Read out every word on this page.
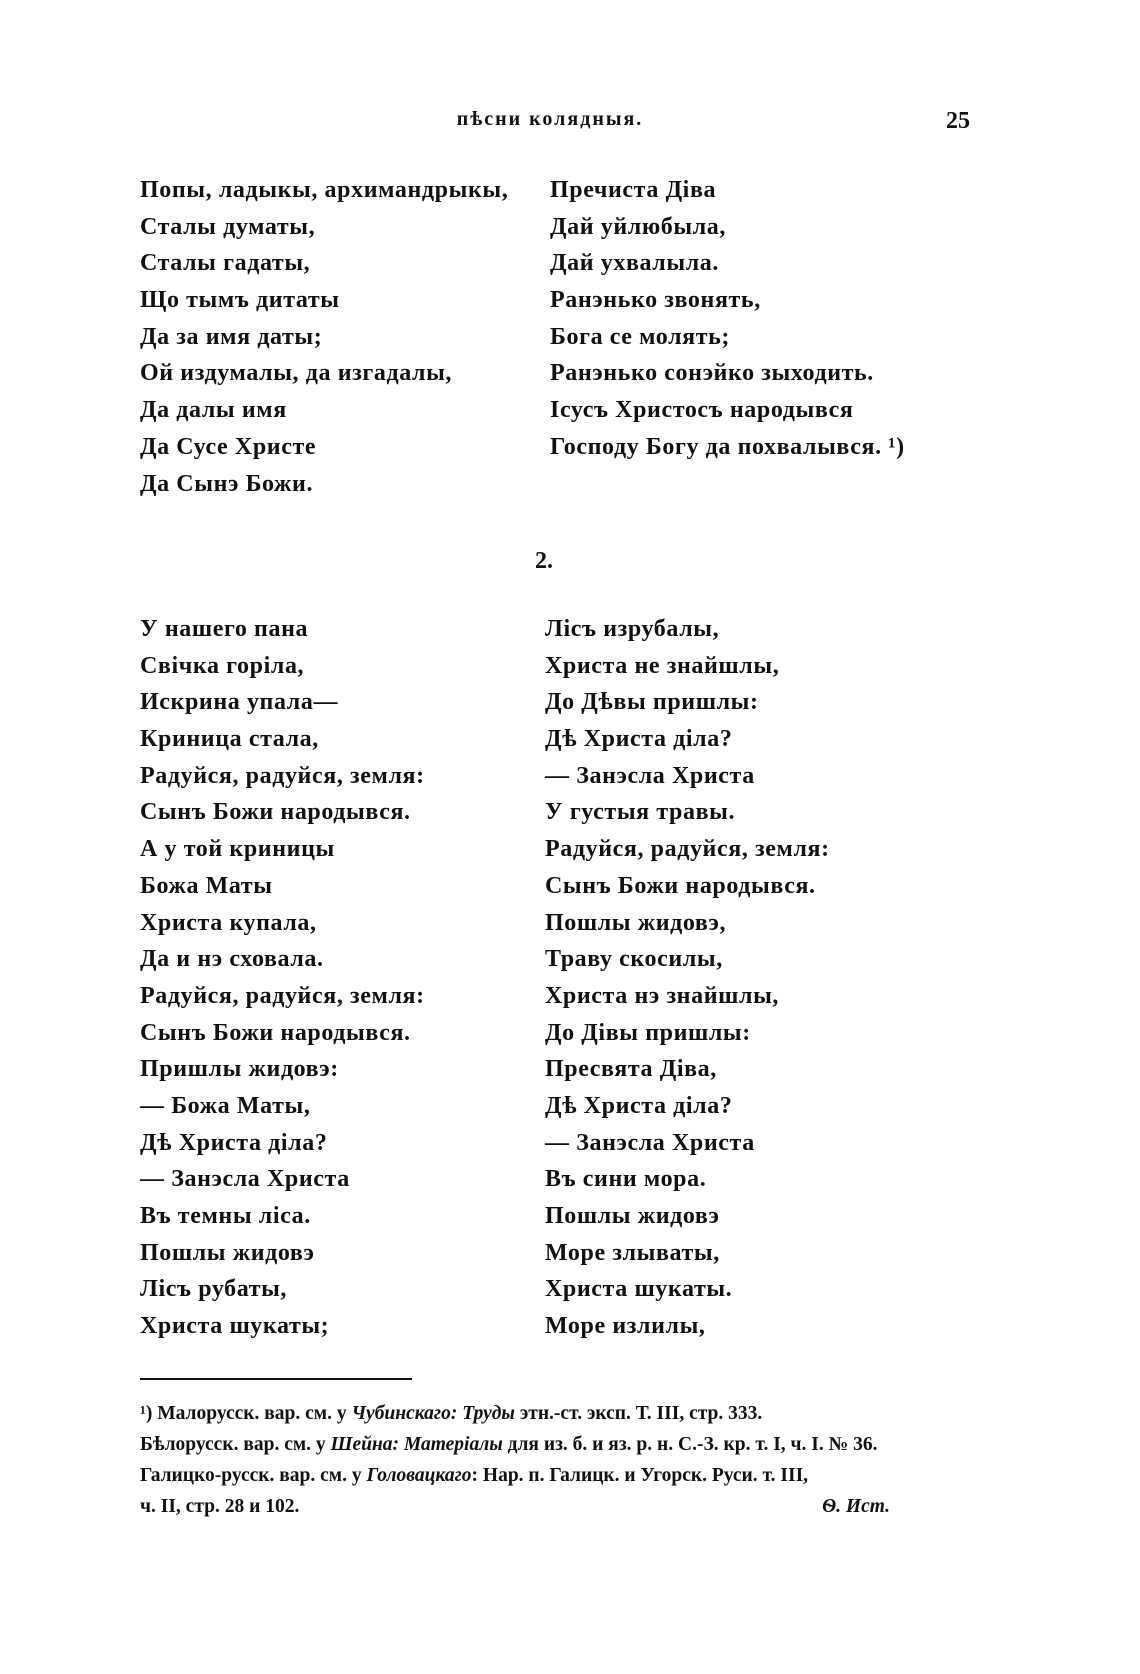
пѣсни колядныя.	25
Попы, ладыкы, архимандрыкы,
Сталы думаты,
Сталы гадаты,
Що тымъ дитаты
Да за имя даты;
Ой издумалы, да изгадалы,
Да далы имя
Да Сусе Христе
Да Сынэ Божи.
Пречиста Діва
Дай уйлюбыла,
Дай ухвалыла.
Ранэнько звонять,
Бога се молять;
Ранэнько сонэйко зыходить.
Ісусъ Христосъ народывся
Господу Богу да похвалывся. ¹)
2.
У нашего пана
Свічка горіла,
Искрина упала—
Криница стала,
Радуйся, радуйся, земля:
Сынъ Божи народывся.
А у той криницы
Божа Маты
Христа купала,
Да и нэ сховала.
Радуйся, радуйся, земля:
Сынъ Божи народывся.
Пришлы жидовэ:
— Божа Маты,
Дѣ Христа діла?
— Занэсла Христа
Въ темны ліса.
Пошлы жидовэ
Лісъ рубаты,
Христа шукаты;
Лісъ изрубалы,
Христа не знайшлы,
До Дѣвы пришлы:
Дѣ Христа діла?
— Занэсла Христа
У густыя травы.
Радуйся, радуйся, земля:
Сынъ Божи народывся.
Пошлы жидовэ,
Траву скосилы,
Христа нэ знайшлы,
До Дівы пришлы:
Пресвята Діва,
Дѣ Христа діла?
— Занэсла Христа
Въ сини мора.
Пошлы жидовэ
Море злываты,
Христа шукаты.
Море излилы,

¹) Малорусск. вар. см. у Чубинскаго: Труды этн.-ст. эксп. Т. III, стр. 333.

Бѣлорусск. вар. см. у Шейна: Матеріалы для из. б. и яз. р. н. С.-З. кр. т. I, ч. I. № 36.

Галицко-русск. вар. см. у Головацкаго: Нар. п. Галицк. и Угорск. Руси. т. III,

ч. II, стр. 28 и 102.	Ѳ. Ист.
